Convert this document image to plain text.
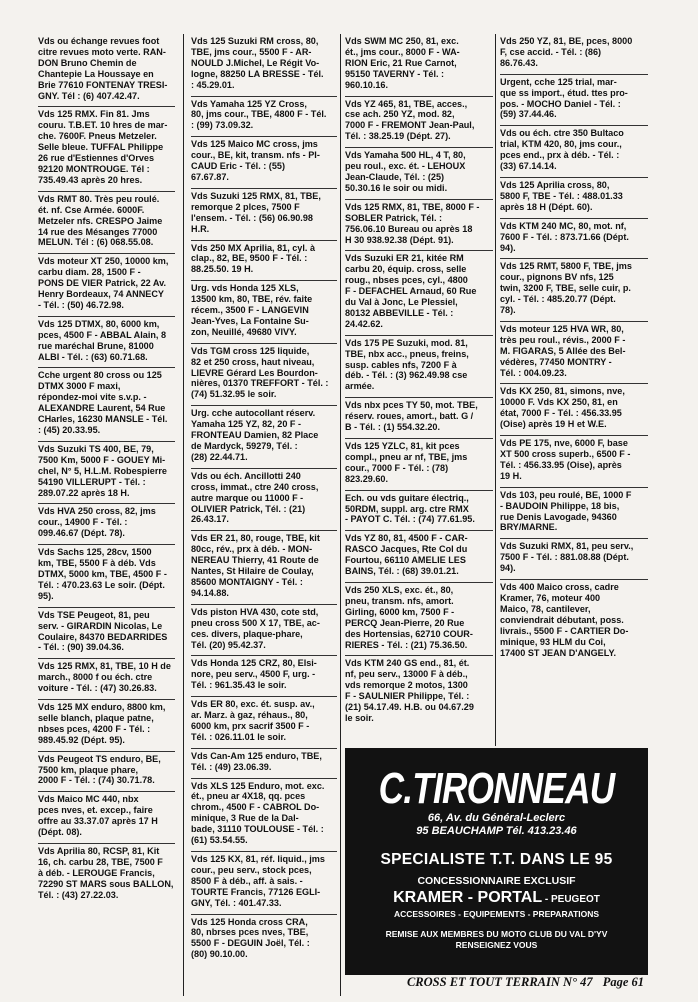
Vds ou échange revues foot
citre revues moto verte. RAN-
DON Bruno Chemin de
Chantepie La Houssaye en
Brie 77610 FONTENAY TRESI-
GNY. Tél : (6) 407.42.47.
Vds 125 RMX. Fin 81. Jms
couru. T.B.ET. 10 hres de mar-
che. 7600F. Pneus Metzeler.
Selle bleue. TUFFAL Philippe
26 rue d'Estiennes d'Orves
92120 MONTROUGE. Tél :
735.49.43 après 20 hres.
Vds RMT 80. Très peu roulé.
ét. nf. Cse Armée. 6000F.
Metzeler nfs. CRESPO Jaime
14 rue des Mésanges 77000
MELUN. Tél : (6) 068.55.08.
Vds moteur XT 250, 10000 km,
carbu diam. 28, 1500 F -
PONS DE VIER Patrick, 22 Av.
Henry Bordeaux, 74 ANNECY
- Tél. : (50) 46.72.98.
Vds 125 DTMX, 80, 6000 km,
pces, 4500 F - ABBAL Alain, 8
rue maréchal Brune, 81000
ALBI - Tél. : (63) 60.71.68.
Cche urgent 80 cross ou 125
DTMX 3000 F maxi,
répondez-moi vite s.v.p. -
ALEXANDRE Laurent, 54 Rue
CHarles, 16230 MANSLE - Tél.
: (45) 20.33.95.
Vds Suzuki TS 400, BE, 79,
7500 Km, 5000 F - GOUEY Mi-
chel, N° 5, H.L.M. Robespierre
54190 VILLERUPT - Tél. :
289.07.22 après 18 H.
Vds HVA 250 cross, 82, jms
cour., 14900 F - Tél. :
099.46.67 (Dépt. 78).
Vds Sachs 125, 28cv, 1500
km, TBE, 5500 F à déb. Vds
DTMX, 5000 km, TBE, 4500 F -
Tél. : 470.23.63 Le soir. (Dépt.
95).
Vds TSE Peugeot, 81, peu
serv. - GIRARDIN Nicolas, Le
Coulaire, 84370 BEDARRIDES
- Tél. : (90) 39.04.36.
Vds 125 RMX, 81, TBE, 10 H de
march., 8000 f ou éch. ctre
voiture - Tél. : (47) 30.26.83.
Vds 125 MX enduro, 8800 km,
selle blanch, plaque patne,
nbses pces, 4200 F - Tél. :
989.45.92 (Dépt. 95).
Vds Peugeot TS enduro, BE,
7500 km, plaque phare,
2000 F - Tél. : (74) 30.71.78.
Vds Maico MC 440, nbx
pces nves, et. excep., faire
offre au 33.37.07 après 17 H
(Dépt. 08).
Vds Aprilia 80, RCSP, 81, Kit
16, ch. carbu 28, TBE, 7500 F
à déb. - LEROUGE Francis,
72290 ST MARS sous BALLON,
Tél. : (43) 27.22.03.
Vds 125 Suzuki RM cross, 80,
TBE, jms cour., 5500 F - AR-
NOULD J.Michel, Le Régit Vo-
logne, 88250 LA BRESSE - Tél.
: 45.29.01.
Vds Yamaha 125 YZ Cross,
80, jms cour., TBE, 4800 F - Tél.
: (99) 73.09.32.
Vds 125 Maico MC cross, jms
cour., BE, kit, transm. nfs - PI-
CAUD Eric - Tél. : (55)
67.67.87.
Vds Suzuki 125 RMX, 81, TBE,
remorque 2 plces, 7500 F
l'ensem. - Tél. : (56) 06.90.98
H.R.
Vds 250 MX Aprilia, 81, cyl. à
clap., 82, BE, 9500 F - Tél. :
88.25.50. 19 H.
Urg. vds Honda 125 XLS,
13500 km, 80, TBE, rév. faite
récem., 3500 F - LANGEVIN
Jean-Yves, La Fontaine Su-
zon, Neuillé, 49680 VIVY.
Vds TGM cross 125 liquide,
82 et 250 cross, haut niveau,
LIEVRE Gérard Les Bourdon-
nières, 01370 TREFFORT - Tél. :
(74) 51.32.95 le soir.
Urg. cche autocollant réserv.
Yamaha 125 YZ, 82, 20 F -
FRONTEAU Damien, 82 Place
de Mardyck, 59279, Tél. :
(28) 22.44.71.
Vds ou éch. Ancillotti 240
cross, immat., ctre 240 cross,
autre marque ou 11000 F -
OLIVIER Patrick, Tél. : (21)
26.43.17.
Vds ER 21, 80, rouge, TBE, kit
80cc, rév., prx à déb. - MON-
NEREAU Thierry, 41 Route de
Nantes, St Hilaire de Coulay,
85600 MONTAIGNY - Tél. :
94.14.88.
Vds piston HVA 430, cote std,
pneu cross 500 X 17, TBE, ac-
ces. divers, plaque-phare,
Tél. (20) 95.42.37.
Vds Honda 125 CRZ, 80, Elsi-
nore, peu serv., 4500 F, urg. -
Tél. : 961.35.43 le soir.
Vds ER 80, exc. ét. susp. av.,
ar. Marz. à gaz, réhaus., 80,
6000 km, prx sacrif 3500 F -
Tél. : 026.11.01 le soir.
Vds Can-Am 125 enduro, TBE,
Tél. : (49) 23.06.39.
Vds XLS 125 Enduro, mot. exc.
ét., pneu ar 4X18, qq. pces
chrom., 4500 F - CABROL Do-
minique, 3 Rue de la Dal-
bade, 31110 TOULOUSE - Tél. :
(61) 53.54.55.
Vds 125 KX, 81, réf. liquid., jms
cour., peu serv., stock pces,
8500 F à déb., aff. à sais. -
TOURTE Francis, 77126 EGLI-
GNY, Tél. : 401.47.33.
Vds 125 Honda cross CRA,
80, nbrses pces nves, TBE,
5500 F - DEGUIN Joël, Tél. :
(80) 90.10.00.
Vds SWM MC 250, 81, exc.
ét., jms cour., 8000 F - WA-
RION Eric, 21 Rue Carnot,
95150 TAVERNY - Tél. :
960.10.16.
Vds YZ 465, 81, TBE, acces.,
cse ach. 250 YZ, mod. 82,
7000 F - FREMONT Jean-Paul,
Tél. : 38.25.19 (Dépt. 27).
Vds Yamaha 500 HL, 4 T, 80,
peu roul., exc. ét. - LEHOUX
Jean-Claude, Tél. : (25)
50.30.16 le soir ou midi.
Vds 125 RMX, 81, TBE, 8000 F -
SOBLER Patrick, Tél. :
756.06.10 Bureau ou après 18
H 30 938.92.38 (Dépt. 91).
Vds Suzuki ER 21, kitée RM
carbu 20, équip. cross, selle
roug., nbses pces, cyl., 4800
F - DEFACHEL Arnaud, 60 Rue
du Val à Jonc, Le Plessiel,
80132 ABBEVILLE - Tél. :
24.42.62.
Vds 175 PE Suzuki, mod. 81,
TBE, nbx acc., pneus, freins,
susp. cables nfs, 7200 F à
déb. - Tél. : (3) 962.49.98 cse
armée.
Vds nbx pces TY 50, mot. TBE,
réserv. roues, amort., batt. G /
B - Tél. : (1) 554.32.20.
Vds 125 YZLC, 81, kit pces
compl., pneu ar nf, TBE, jms
cour., 7000 F - Tél. : (78)
823.29.60.
Ech. ou vds guitare électriq.,
50RDM, suppl. arg. ctre RMX
- PAYOT C. Tél. : (74) 77.61.95.
Vds YZ 80, 81, 4500 F - CAR-
RASCO Jacques, Rte Col du
Fourtou, 66110 AMELIE LES
BAINS, Tél. : (68) 39.01.21.
Vds 250 XLS, exc. ét., 80,
pneu, transm. nfs, amort.
Girling, 6000 km, 7500 F -
PERCQ Jean-Pierre, 20 Rue
des Hortensias, 62710 COUR-
RIERES - Tél. : (21) 75.36.50.
Vds KTM 240 GS end., 81, ét.
nf, peu serv., 13000 F à déb.,
vds remorque 2 motos, 1300
F - SAULNIER Philippe, Tél. :
(21) 54.17.49. H.B. ou 04.67.29
le soir.
Vds 250 YZ, 81, BE, pces, 8000
F, cse accid. - Tél. : (86)
86.76.43.
Urgent, cche 125 trial, mar-
que ss import., étud. ttes pro-
pos. - MOCHO Daniel - Tél. :
(59) 37.44.46.
Vds ou éch. ctre 350 Bultaco
trial, KTM 420, 80, jms cour.,
pces end., prx à déb. - Tél. :
(33) 67.14.14.
Vds 125 Aprilia cross, 80,
5800 F, TBE - Tél. : 488.01.33
après 18 H (Dépt. 60).
Vds KTM 240 MC, 80, mot. nf,
7600 F - Tél. : 873.71.66 (Dépt.
94).
Vds 125 RMT, 5800 F, TBE, jms
cour., pignons BV nfs, 125
twin, 3200 F, TBE, selle cuir, p.
cyl. - Tél. : 485.20.77 (Dépt.
78).
Vds moteur 125 HVA WR, 80,
très peu roul., révis., 2000 F -
M. FIGARAS, 5 Allée des Bel-
védères, 77450 MONTRY -
Tél. : 004.09.23.
Vds KX 250, 81, simons, nve,
10000 F. Vds KX 250, 81, en
état, 7000 F - Tél. : 456.33.95
(Oise) après 19 H et W.E.
Vds PE 175, nve, 6000 F, base
XT 500 cross superb., 6500 F -
Tél. : 456.33.95 (Oise), après
19 H.
Vds 103, peu roulé, BE, 1000 F
- BAUDOIN Philippe, 18 bis,
rue Denis Lavogade, 94360
BRY/MARNE.
Vds Suzuki RMX, 81, peu serv.,
7500 F - Tél. : 881.08.88 (Dépt.
94).
Vds 400 Maico cross, cadre
Kramer, 76, moteur 400
Maico, 78, cantilever,
conviendrait débutant, poss.
livrais., 5500 F - CARTIER Do-
minique, 93 HLM du Coi,
17400 ST JEAN D'ANGELY.
C.TIRONNEAU
66, Av. du Général-Leclerc
95 BEAUCHAMP Tél. 413.23.46
SPECIALISTE T.T. DANS LE 95
CONCESSIONNAIRE EXCLUSIF
KRAMER - PORTAL - PEUGEOT
ACCESSOIRES - EQUIPEMENTS - PREPARATIONS
REMISE AUX MEMBRES DU MOTO CLUB DU VAL D'YV
RENSEIGNEZ VOUS
CROSS ET TOUT TERRAIN N° 47 Page 61
